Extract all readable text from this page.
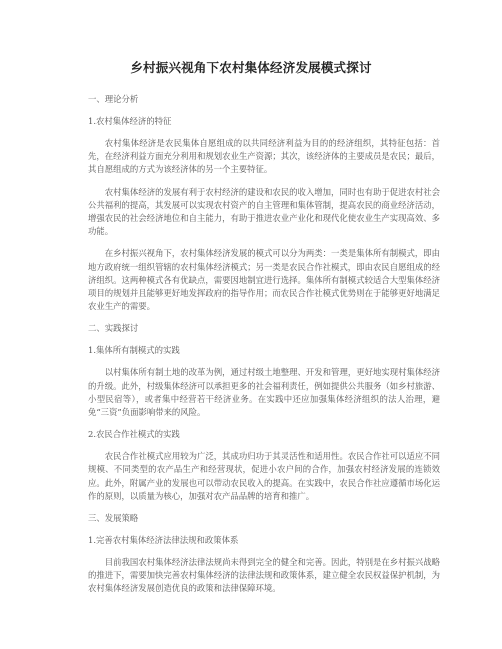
乡村振兴视角下农村集体经济发展模式探讨
一、理论分析
1.农村集体经济的特征

农村集体经济是农民集体自愿组成的以共同经济利益为目的的经济组织，其特征包括：首先，在经济利益方面充分利用和规划农业生产资源；其次，该经济体的主要成员是农民；最后，其自愿组成的方式为该经济体的另一个主要特征。

农村集体经济的发展有利于农村经济的建设和农民的收入增加，同时也有助于促进农村社会公共福利的提高，其发展可以实现农村资产的自主管理和集体管制，提高农民的商业经济活动，增强农民的社会经济地位和自主能力，有助于推进农业产业化和现代化使农业生产实现高效、多功能。

在乡村振兴视角下，农村集体经济发展的模式可以分为两类：一类是集体所有制模式，即由地方政府统一组织管辖的农村集体经济模式；另一类是农民合作社模式，即由农民自愿组成的经济组织。这两种模式各有优缺点，需要因地制宜进行选择。集体所有制模式较适合大型集体经济项目的规划并且能够更好地发挥政府的指导作用；而农民合作社模式优势则在于能够更好地满足农业生产的需要。

二、实践探讨
1.集体所有制模式的实践

以村集体所有制土地的改革为例，通过村级土地整理、开发和管理，更好地实现村集体经济的升级。此外，村级集体经济可以承担更多的社会福利责任，例如提供公共服务（如乡村旅游、小型民宿等），或者集中经营若干经济业务。在实践中还应加强集体经济组织的法人治理，避免“三资”负面影响带来的风险。

2.农民合作社模式的实践

农民合作社模式应用较为广泛，其成功归功于其灵活性和适用性。农民合作社可以适应不同规模、不同类型的农产品生产和经营现状，促进小农户间的合作，加强农村经济发展的连锁效应。此外，附属产业的发展也可以带动农民收入的提高。在实践中，农民合作社应遵循市场化运作的原则，以质量为核心，加强对农产品品牌的培育和推广。

三、发展策略
1.完善农村集体经济法律法规和政策体系

目前我国农村集体经济法律法规尚未得到完全的健全和完善。因此，特别是在乡村振兴战略的推进下，需要加快完善农村集体经济的法律法规和政策体系，建立健全农民权益保护机制，为农村集体经济发展创造优良的政策和法律保障环境。
